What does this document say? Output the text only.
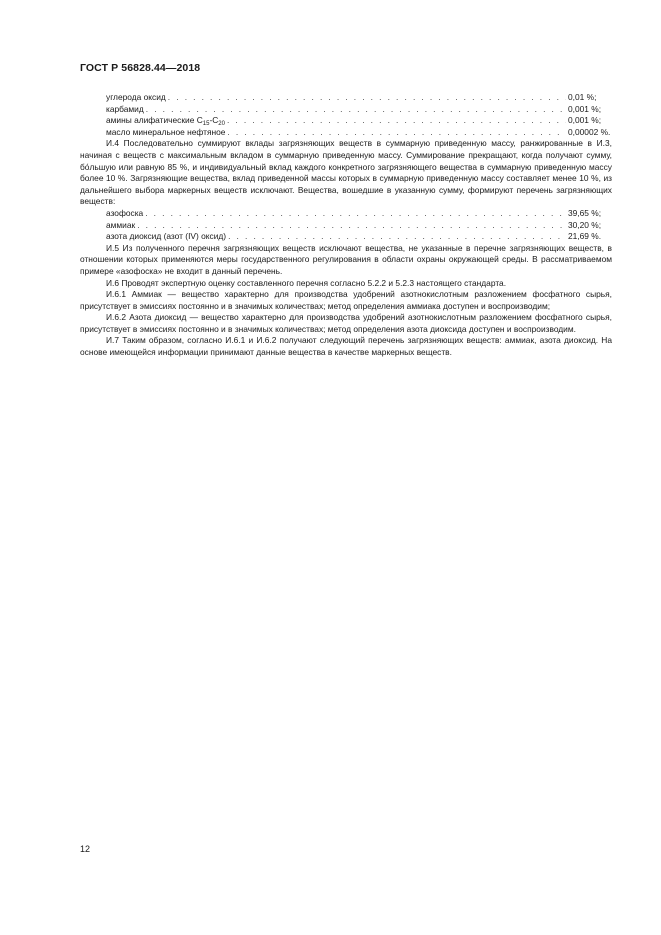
ГОСТ Р 56828.44—2018
углерода оксид . . .	0,01 %;
карбамид . . .	0,001 %;
амины алифатические $С_{15}-С_{20}$ . . .	0,001 %;
масло минеральное нефтяное . . .	0,00002 %.

И.4 Последовательно суммируют вклады загрязняющих веществ в суммарную приведенную массу, ранжированные в И.3, начиная с веществ с максимальным вкладом в суммарную приведенную массу. Суммирование прекращают, когда получают сумму, бо́льшую или равную 85 %, и индивидуальный вклад каждого конкретного загрязняющего вещества в суммарную приведенную массу более 10 %. Загрязняющие вещества, вклад приведенной массы которых в суммарную приведенную массу составляет менее 10 %, из дальнейшего выбора маркерных веществ исключают. Вещества, вошедшие в указанную сумму, формируют перечень загрязняющих веществ:

азофоска . . .	39,65 %;
аммиак . . .	30,20 %;
азота диоксид (азот (IV) оксид) . . .	21,69 %.

И.5 Из полученного перечня загрязняющих веществ исключают вещества, не указанные в перечне загрязняющих веществ, в отношении которых применяются меры государственного регулирования в области охраны окружающей среды. В рассматриваемом примере «азофоска» не входит в данный перечень.

И.6 Проводят экспертную оценку составленного перечня согласно 5.2.2 и 5.2.3 настоящего стандарта.

И.6.1 Аммиак — вещество характерно для производства удобрений азотнокислотным разложением фосфатного сырья, присутствует в эмиссиях постоянно и в значимых количествах; метод определения аммиака доступен и воспроизводим;

И.6.2 Азота диоксид — вещество характерно для производства удобрений азотнокислотным разложением фосфатного сырья, присутствует в эмиссиях постоянно и в значимых количествах; метод определения азота диоксида доступен и воспроизводим.

И.7 Таким образом, согласно И.6.1 и И.6.2 получают следующий перечень загрязняющих веществ: аммиак, азота диоксид. На основе имеющейся информации принимают данные вещества в качестве маркерных веществ.

12
